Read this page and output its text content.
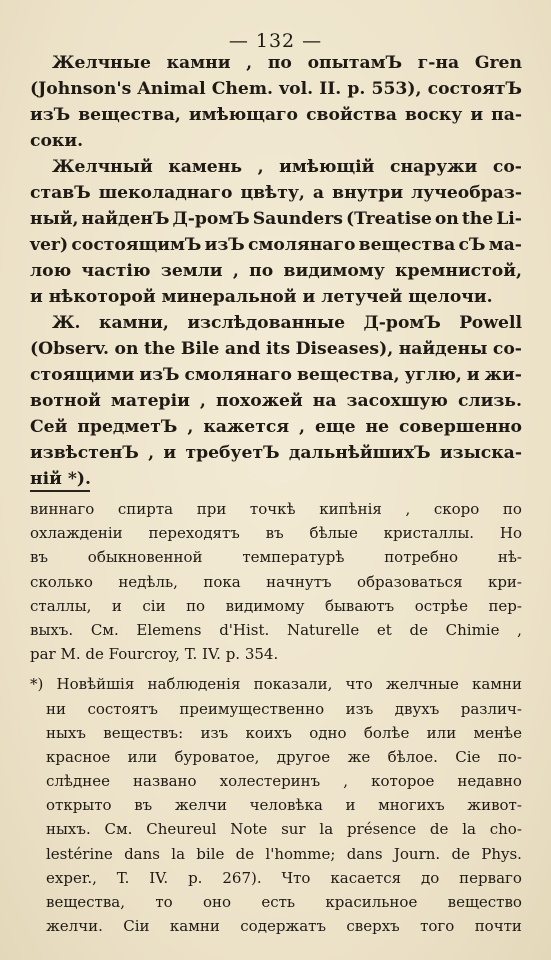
— 132 —
Желчные камни , по опытамЪ г-на Gren
(Johnson's Animal Chem. vol. II. p. 553), состоятЪ
изЪ вещества, имѣющаго свойства воску и па-
соки.
Желчный камень , имѣющій снаружи со-
ставЪ шеколаднаго цвѣту, а внутри лучеобраз-
ный, найденЪ Д-ромЪ Saunders (Treatise on the Li-
ver) состоящимЪ изЪ смолянаго вещества сЪ ма-
лою частію земли , по видимому кремнистой,
и нѣкоторой минеральной и летучей щелочи.
Ж. камни, изслѣдованные Д-ромЪ Powell
(Observ. on the Bile and its Diseases), найдены со-
стоящими изЪ смолянаго вещества, углю, и жи-
вотной матеріи , похожей на засохшую слизь.
Сей предметЪ , кажется , еще не совершенно
извѣстенЪ , и требуетЪ дальнѣйшихЪ изыска-
ній *).
виннаго спирта при точкѣ кипѣнія , скоро по
охлажденіи переходятъ въ бѣлые кристаллы. Но
въ	обыкновенной	температурѣ	потребно	нѣ-
сколько недѣль, пока начнутъ образоваться кри-
сталлы, и сіи по видимому бываютъ острѣе пер-
выхъ. См. Elemens d'Hist. Naturelle et de Chimie ,
par M. de Fourcroy, T. IV. p. 354.
*) Новѣйшія наблюденія показали, что желчные камни
ни состоятъ преимущественно изъ двухъ различ-
ныхъ веществъ: изъ коихъ одно болѣе или менѣе
красное или буроватое, другое же бѣлое. Сіе по-
слѣднее названо холестеринъ , которое недавно
открыто въ желчи человѣка и многихъ живот-
ныхъ. См. Cheureul Note sur la présence de la cho-
lestérine dans la bile de l'homme; dans Journ. de Phys.
exper., T. IV. p. 267). Что касается до перваго
вещества, то оно есть красильное вещество
желчи. Сіи камни содержатъ сверхъ того почти
